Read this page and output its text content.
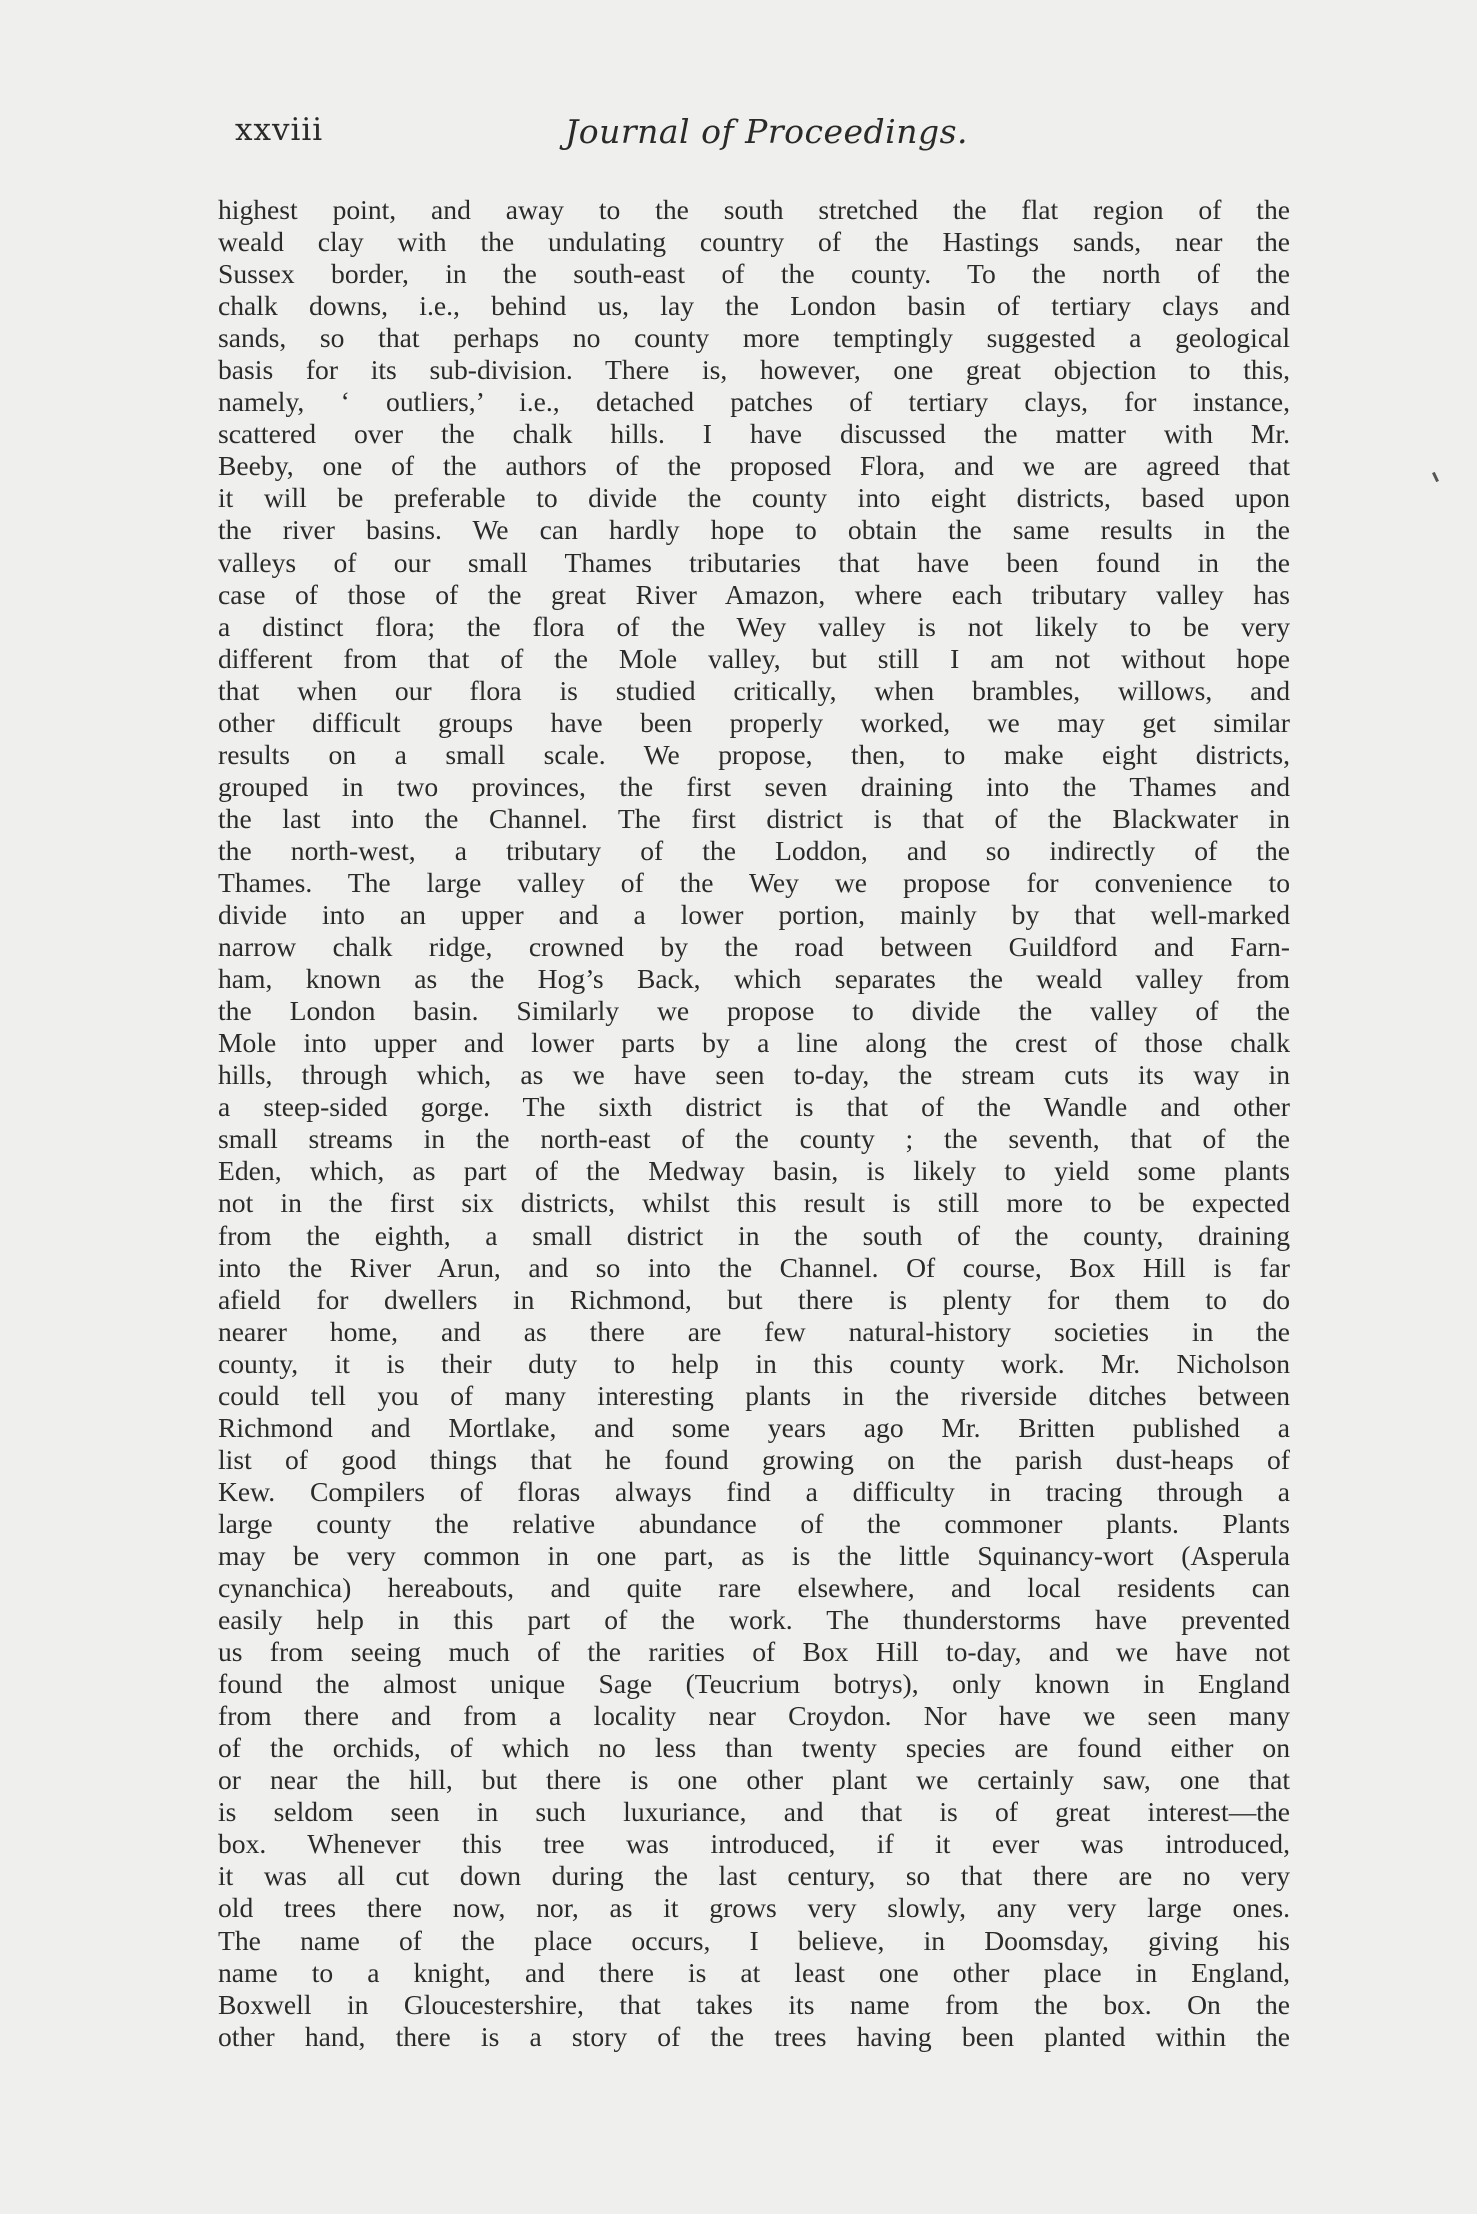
xxviii	Journal of Proceedings.
highest point, and away to the south stretched the flat region of the
weald clay with the undulating country of the Hastings sands, near the
Sussex border, in the south-east of the county. To the north of the
chalk downs, i.e., behind us, lay the London basin of tertiary clays and
sands, so that perhaps no county more temptingly suggested a geological
basis for its sub-division. There is, however, one great objection to this,
namely, ‘ outliers,’ i.e., detached patches of tertiary clays, for instance,
scattered over the chalk hills. I have discussed the matter with Mr.
Beeby, one of the authors of the proposed Flora, and we are agreed that
it will be preferable to divide the county into eight districts, based upon
the river basins. We can hardly hope to obtain the same results in the
valleys of our small Thames tributaries that have been found in the
case of those of the great River Amazon, where each tributary valley has
a distinct flora; the flora of the Wey valley is not likely to be very
different from that of the Mole valley, but still I am not without hope
that when our flora is studied critically, when brambles, willows, and
other difficult groups have been properly worked, we may get similar
results on a small scale. We propose, then, to make eight districts,
grouped in two provinces, the first seven draining into the Thames and
the last into the Channel. The first district is that of the Blackwater in
the north-west, a tributary of the Loddon, and so indirectly of the
Thames. The large valley of the Wey we propose for convenience to
divide into an upper and a lower portion, mainly by that well-marked
narrow chalk ridge, crowned by the road between Guildford and Farn-
ham, known as the Hog’s Back, which separates the weald valley from
the London basin. Similarly we propose to divide the valley of the
Mole into upper and lower parts by a line along the crest of those chalk
hills, through which, as we have seen to-day, the stream cuts its way in
a steep-sided gorge. The sixth district is that of the Wandle and other
small streams in the north-east of the county ; the seventh, that of the
Eden, which, as part of the Medway basin, is likely to yield some plants
not in the first six districts, whilst this result is still more to be expected
from the eighth, a small district in the south of the county, draining
into the River Arun, and so into the Channel. Of course, Box Hill is far
afield for dwellers in Richmond, but there is plenty for them to do
nearer home, and as there are few natural-history societies in the
county, it is their duty to help in this county work. Mr. Nicholson
could tell you of many interesting plants in the riverside ditches between
Richmond and Mortlake, and some years ago Mr. Britten published a
list of good things that he found growing on the parish dust-heaps of
Kew. Compilers of floras always find a difficulty in tracing through a
large county the relative abundance of the commoner plants. Plants
may be very common in one part, as is the little Squinancy-wort (Asperula
cynanchica) hereabouts, and quite rare elsewhere, and local residents can
easily help in this part of the work. The thunderstorms have prevented
us from seeing much of the rarities of Box Hill to-day, and we have not
found the almost unique Sage (Teucrium botrys), only known in England
from there and from a locality near Croydon. Nor have we seen many
of the orchids, of which no less than twenty species are found either on
or near the hill, but there is one other plant we certainly saw, one that
is seldom seen in such luxuriance, and that is of great interest—the
box. Whenever this tree was introduced, if it ever was introduced,
it was all cut down during the last century, so that there are no very
old trees there now, nor, as it grows very slowly, any very large ones.
The name of the place occurs, I believe, in Doomsday, giving his
name to a knight, and there is at least one other place in England,
Boxwell in Gloucestershire, that takes its name from the box. On the
other hand, there is a story of the trees having been planted within the
